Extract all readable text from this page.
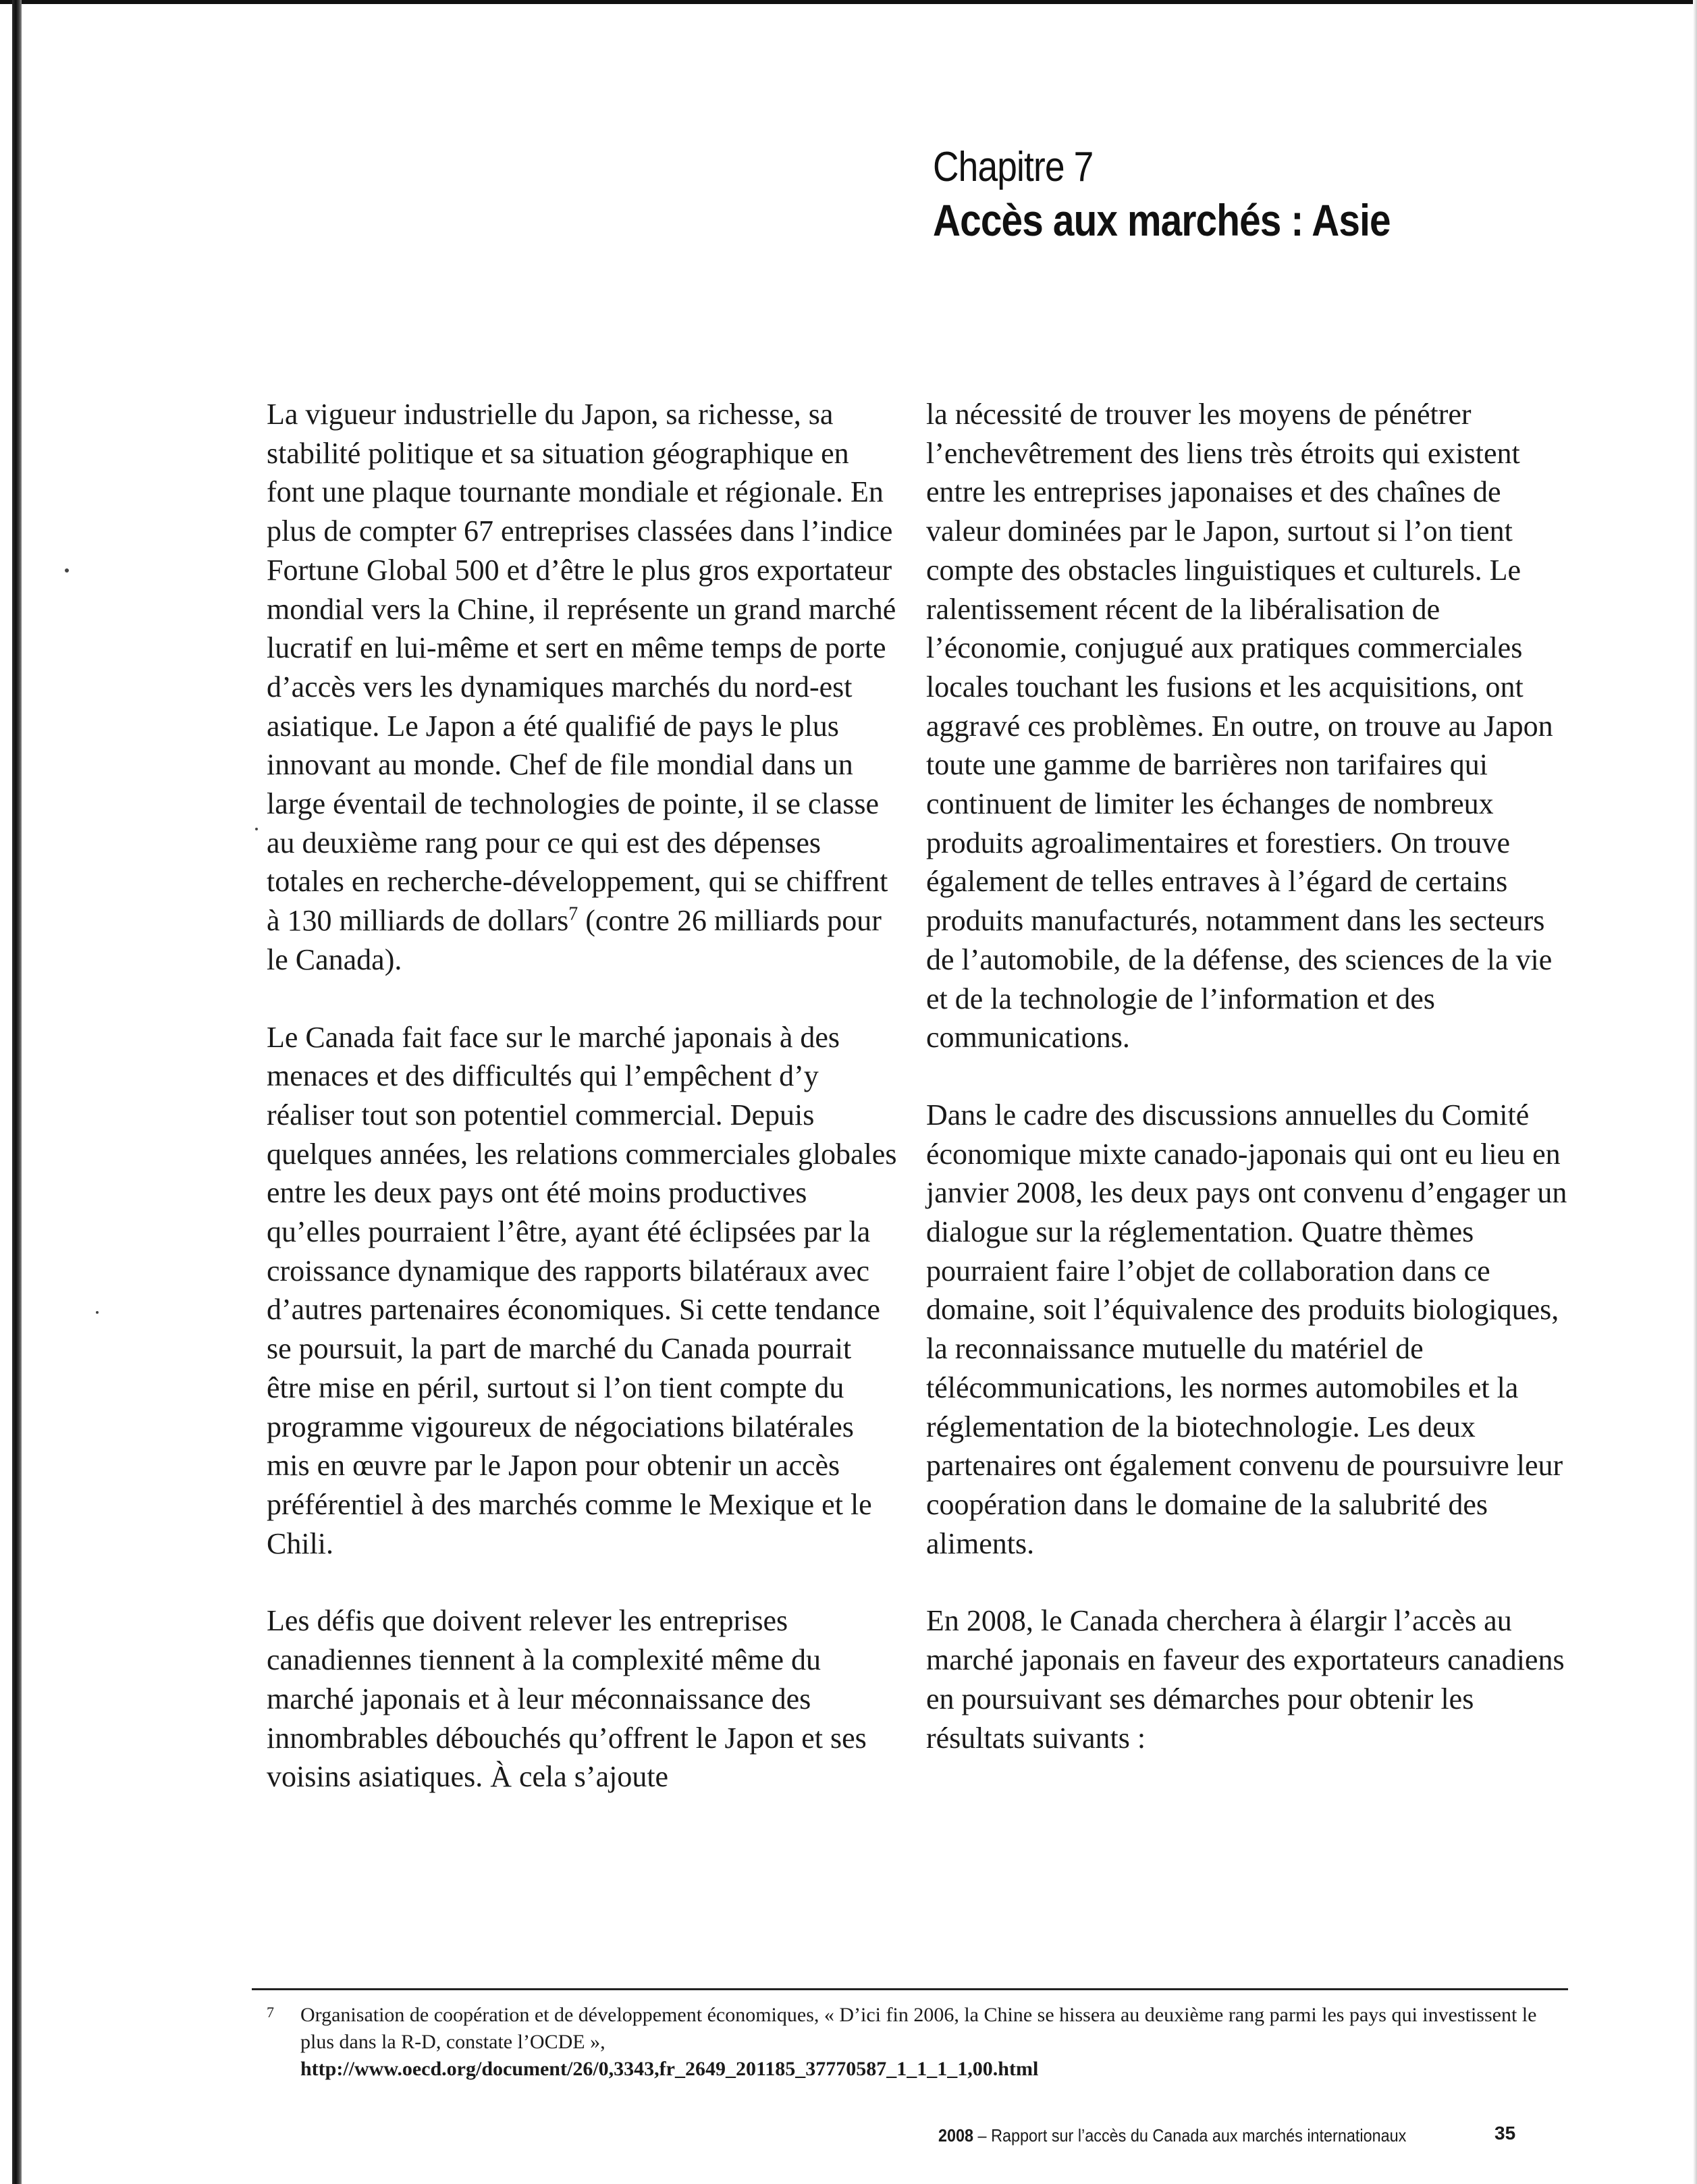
Chapitre 7
Accès aux marchés : Asie

La vigueur industrielle du Japon, sa richesse, sa stabilité politique et sa situation géographique en font une plaque tournante mondiale et régionale. En plus de compter 67 entreprises classées dans l’indice Fortune Global 500 et d’être le plus gros exportateur mondial vers la Chine, il représente un grand marché lucratif en lui-même et sert en même temps de porte d’accès vers les dynamiques marchés du nord-est asiatique. Le Japon a été qualifié de pays le plus innovant au monde. Chef de file mondial dans un large éventail de technologies de pointe, il se classe au deuxième rang pour ce qui est des dépenses totales en recherche-développement, qui se chiffrent à 130 milliards de dollars$^7$ (contre 26 milliards pour le Canada).

Le Canada fait face sur le marché japonais à des menaces et des difficultés qui l’empêchent d’y réaliser tout son potentiel commercial. Depuis quelques années, les relations commerciales globales entre les deux pays ont été moins productives qu’elles pourraient l’être, ayant été éclipsées par la croissance dynamique des rapports bilatéraux avec d’autres partenaires économiques. Si cette tendance se poursuit, la part de marché du Canada pourrait être mise en péril, surtout si l’on tient compte du programme vigoureux de négociations bilatérales mis en œuvre par le Japon pour obtenir un accès préférentiel à des marchés comme le Mexique et le Chili.

Les défis que doivent relever les entreprises canadiennes tiennent à la complexité même du marché japonais et à leur méconnaissance des innombrables débouchés qu’offrent le Japon et ses voisins asiatiques. À cela s’ajoute

la nécessité de trouver les moyens de pénétrer l’enchevêtrement des liens très étroits qui existent entre les entreprises japonaises et des chaînes de valeur dominées par le Japon, surtout si l’on tient compte des obstacles linguistiques et culturels. Le ralentissement récent de la libéralisation de l’économie, conjugué aux pratiques commerciales locales touchant les fusions et les acquisitions, ont aggravé ces problèmes. En outre, on trouve au Japon toute une gamme de barrières non tarifaires qui continuent de limiter les échanges de nombreux produits agroalimentaires et forestiers. On trouve également de telles entraves à l’égard de certains produits manufacturés, notamment dans les secteurs de l’automobile, de la défense, des sciences de la vie et de la technologie de l’information et des communications.

Dans le cadre des discussions annuelles du Comité économique mixte canado-japonais qui ont eu lieu en janvier 2008, les deux pays ont convenu d’engager un dialogue sur la réglementation. Quatre thèmes pourraient faire l’objet de collaboration dans ce domaine, soit l’équivalence des produits biologiques, la reconnaissance mutuelle du matériel de télécommunications, les normes automobiles et la réglementation de la biotechnologie. Les deux partenaires ont également convenu de poursuivre leur coopération dans le domaine de la salubrité des aliments.

En 2008, le Canada cherchera à élargir l’accès au marché japonais en faveur des exportateurs canadiens en poursuivant ses démarches pour obtenir les résultats suivants :

7 Organisation de coopération et de développement économiques, « D’ici fin 2006, la Chine se hissera au deuxième rang parmi les pays qui investissent le plus dans la R-D, constate l’OCDE »,
http://www.oecd.org/document/26/0,3343,fr_2649_201185_37770587_1_1_1_1,00.html
2008 – Rapport sur l’accès du Canada aux marchés internationaux	35
